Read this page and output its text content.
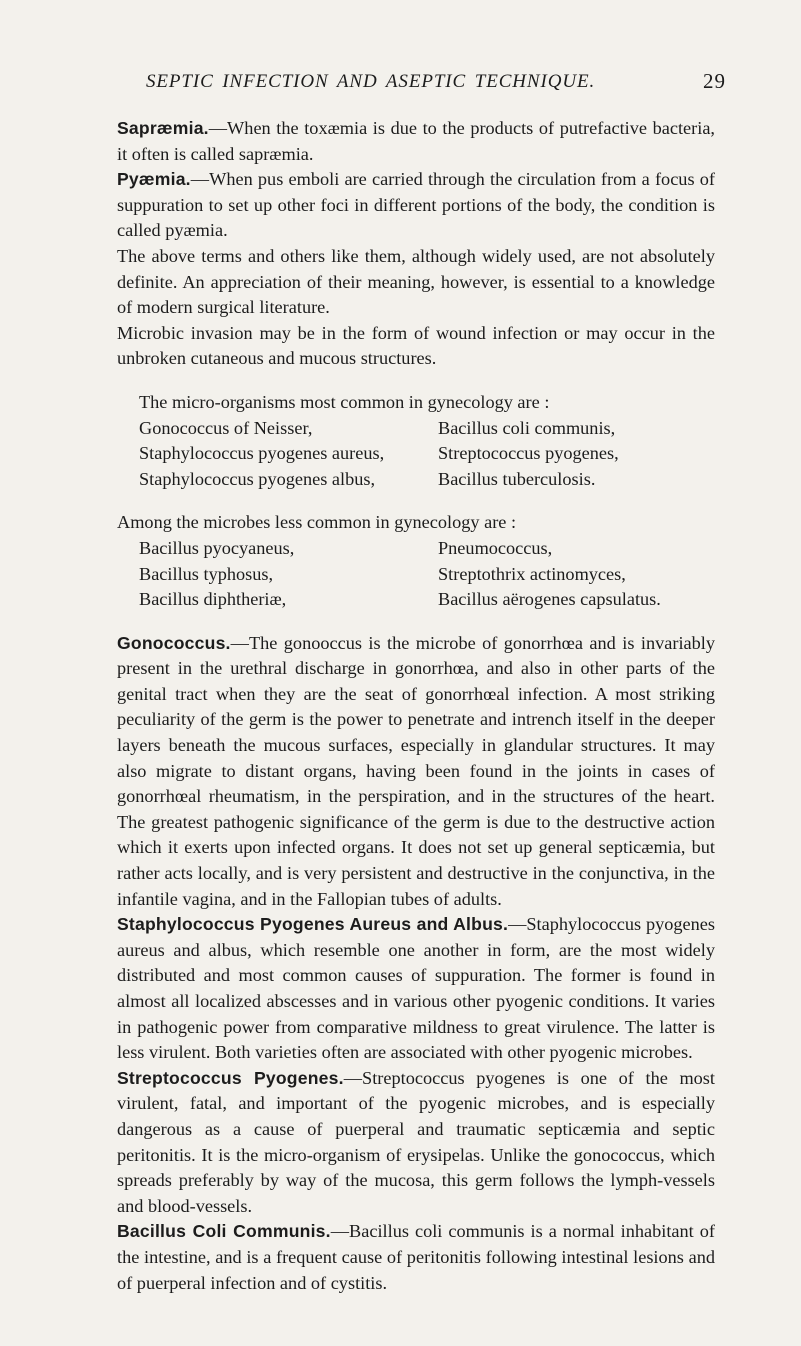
SEPTIC INFECTION AND ASEPTIC TECHNIQUE.	29

Sapræmia.—When the toxæmia is due to the products of putrefactive bacteria, it often is called sapræmia.

Pyæmia.—When pus emboli are carried through the circulation from a focus of suppuration to set up other foci in different portions of the body, the condition is called pyæmia.

The above terms and others like them, although widely used, are not absolutely definite. An appreciation of their meaning, however, is essential to a knowledge of modern surgical literature.

Microbic invasion may be in the form of wound infection or may occur in the unbroken cutaneous and mucous structures.

The micro-organisms most common in gynecology are :

Gonococcus of Neisser,	Bacillus coli communis,
Staphylococcus pyogenes aureus,	Streptococcus pyogenes,
Staphylococcus pyogenes albus,	Bacillus tuberculosis.

Among the microbes less common in gynecology are :

Bacillus pyocyaneus,	Pneumococcus,
Bacillus typhosus,	Streptothrix actinomyces,
Bacillus diphtheriæ,	Bacillus aërogenes capsulatus.

Gonococcus.—The gonooccus is the microbe of gonorrhœa and is invariably present in the urethral discharge in gonorrhœa, and also in other parts of the genital tract when they are the seat of gonorrhœal infection. A most striking peculiarity of the germ is the power to penetrate and intrench itself in the deeper layers beneath the mucous surfaces, especially in glandular structures. It may also migrate to distant organs, having been found in the joints in cases of gonorrhœal rheumatism, in the perspiration, and in the structures of the heart. The greatest pathogenic significance of the germ is due to the destructive action which it exerts upon infected organs. It does not set up general septicæmia, but rather acts locally, and is very persistent and destructive in the conjunctiva, in the infantile vagina, and in the Fallopian tubes of adults.

Staphylococcus Pyogenes Aureus and Albus.—Staphylococcus pyogenes aureus and albus, which resemble one another in form, are the most widely distributed and most common causes of suppuration. The former is found in almost all localized abscesses and in various other pyogenic conditions. It varies in pathogenic power from comparative mildness to great virulence. The latter is less virulent. Both varieties often are associated with other pyogenic microbes.

Streptococcus Pyogenes.—Streptococcus pyogenes is one of the most virulent, fatal, and important of the pyogenic microbes, and is especially dangerous as a cause of puerperal and traumatic septicæmia and septic peritonitis. It is the micro-organism of erysipelas. Unlike the gonococcus, which spreads preferably by way of the mucosa, this germ follows the lymph-vessels and blood-vessels.

Bacillus Coli Communis.—Bacillus coli communis is a normal inhabitant of the intestine, and is a frequent cause of peritonitis following intestinal lesions and of puerperal infection and of cystitis.
